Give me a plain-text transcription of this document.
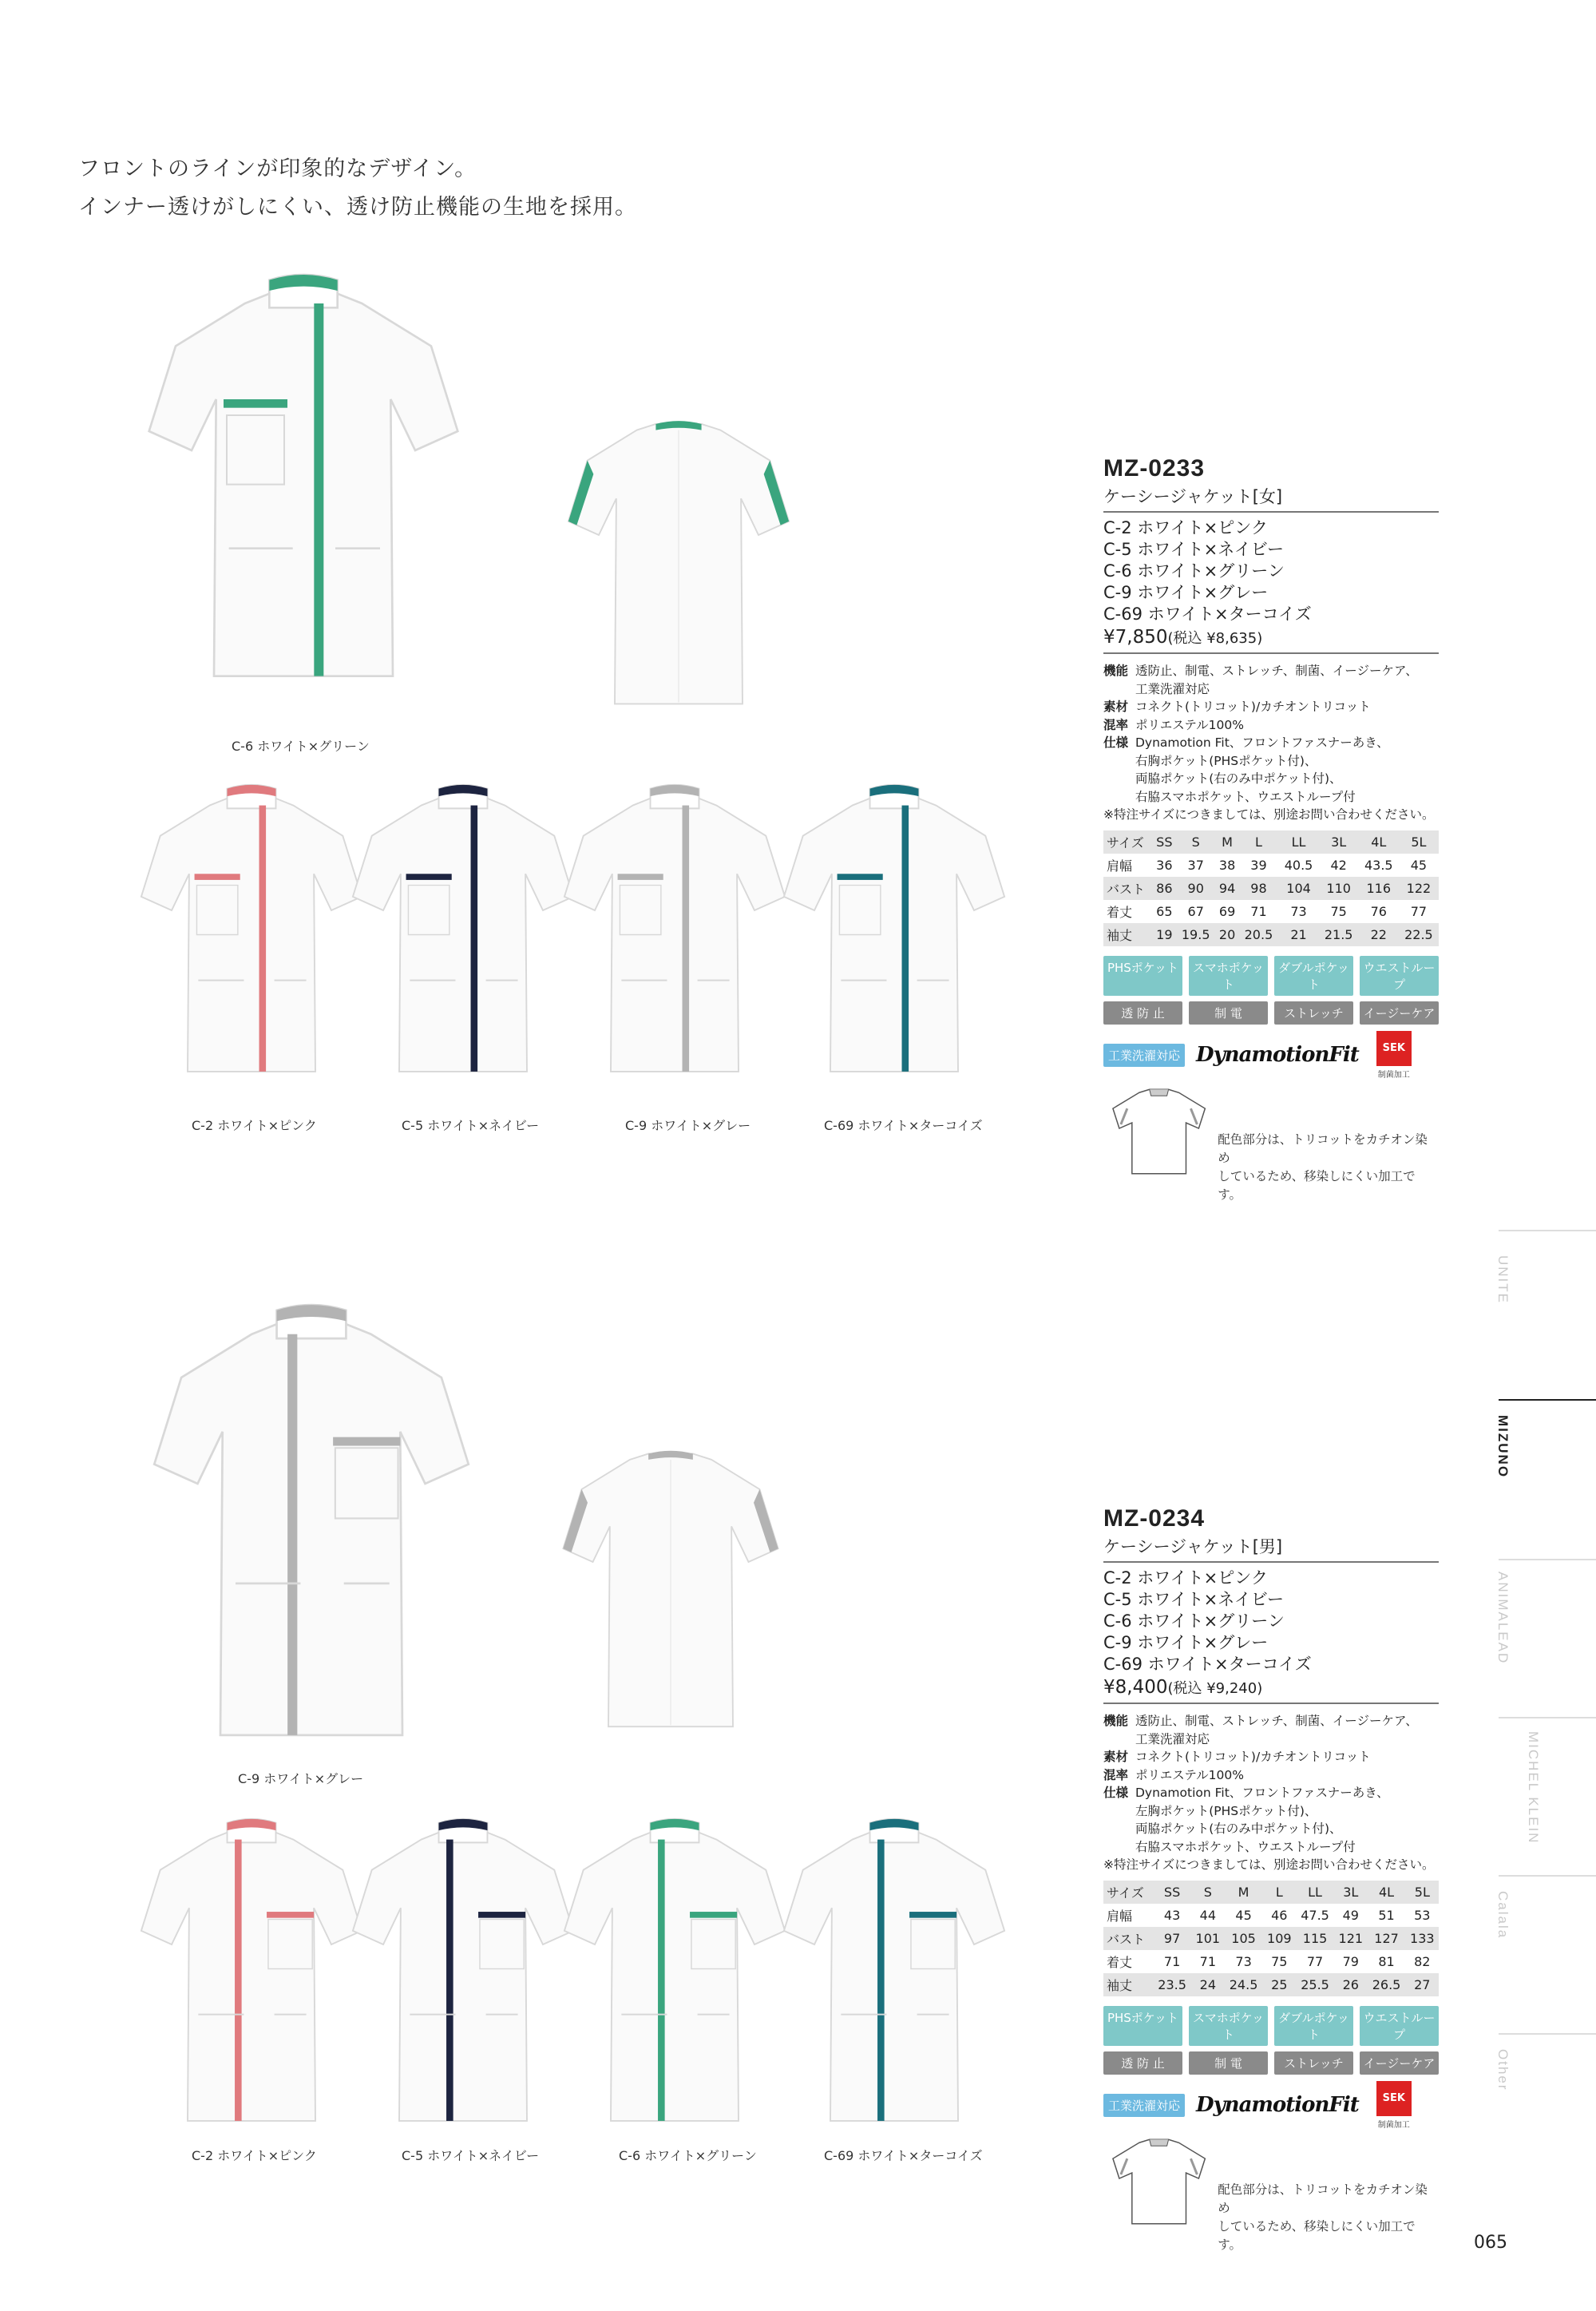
フロントのラインが印象的なデザイン。
インナー透けがしにくい、透け防止機能の生地を採用。
C-6 ホワイト×グリーン
C-2 ホワイト×ピンク	C-5 ホワイト×ネイビー	C-9 ホワイト×グレー	C-69 ホワイト×ターコイズ
C-9 ホワイト×グレー
C-2 ホワイト×ピンク	C-5 ホワイト×ネイビー	C-6 ホワイト×グリーン	C-69 ホワイト×ターコイズ
MZ-0233
ケーシージャケット[女]
C-2 ホワイト×ピンク
C-5 ホワイト×ネイビー
C-6 ホワイト×グリーン
C-9 ホワイト×グレー
C-69 ホワイト×ターコイズ
¥7,850(税込 ¥8,635)
機能 透防止、制電、ストレッチ、制菌、イージーケア、
工業洗濯対応
素材 コネクト(トリコット)/カチオントリコット
混率 ポリエステル100%
仕様 Dynamotion Fit、フロントファスナーあき、
右胸ポケット(PHSポケット付)、
両脇ポケット(右のみ中ポケット付)、
右脇スマホポケット、ウエストループ付
※特注サイズにつきましては、別途お問い合わせください。
サイズ	SS	S	M	L	LL	3L	4L	5L
肩幅	36	37	38	39	40.5	42	43.5	45
バスト	86	90	94	98	104	110	116	122
着丈	65	67	69	71	73	75	76	77
袖丈	19	19.5	20	20.5	21	21.5	22	22.5
PHSポケット	スマホポケット
ダブルポケット
ウエストループ
透 防 止	制 電	ストレッチ	イージーケア
工業洗濯対応 DynamotionFit	SEK
制菌加工
配色部分は、トリコットをカチオン染め
しているため、移染しにくい加工です。
MZ-0234
ケーシージャケット[男]
C-2 ホワイト×ピンク
C-5 ホワイト×ネイビー
C-6 ホワイト×グリーン
C-9 ホワイト×グレー
C-69 ホワイト×ターコイズ
¥8,400(税込 ¥9,240)
機能 透防止、制電、ストレッチ、制菌、イージーケア、
工業洗濯対応
素材 コネクト(トリコット)/カチオントリコット
混率 ポリエステル100%
仕様 Dynamotion Fit、フロントファスナーあき、
左胸ポケット(PHSポケット付)、
両脇ポケット(右のみ中ポケット付)、
右脇スマホポケット、ウエストループ付
※特注サイズにつきましては、別途お問い合わせください。
サイズ	SS	S	M	L	LL	3L	4L	5L
肩幅	43	44	45	46	47.5	49	51	53
バスト	97	101	105	109	115	121	127	133
着丈	71	71	73	75	77	79	81	82
袖丈	23.5	24	24.5	25	25.5	26	26.5	27
PHSポケット	スマホポケット
ダブルポケット
ウエストループ
透 防 止	制 電	ストレッチ	イージーケア
工業洗濯対応 DynamotionFit	SEK
制菌加工
配色部分は、トリコットをカチオン染め
しているため、移染しにくい加工です。
UNITE
MIZUNO
ANIMALEAD
MICHEL KLEIN
Calala
Other
065
